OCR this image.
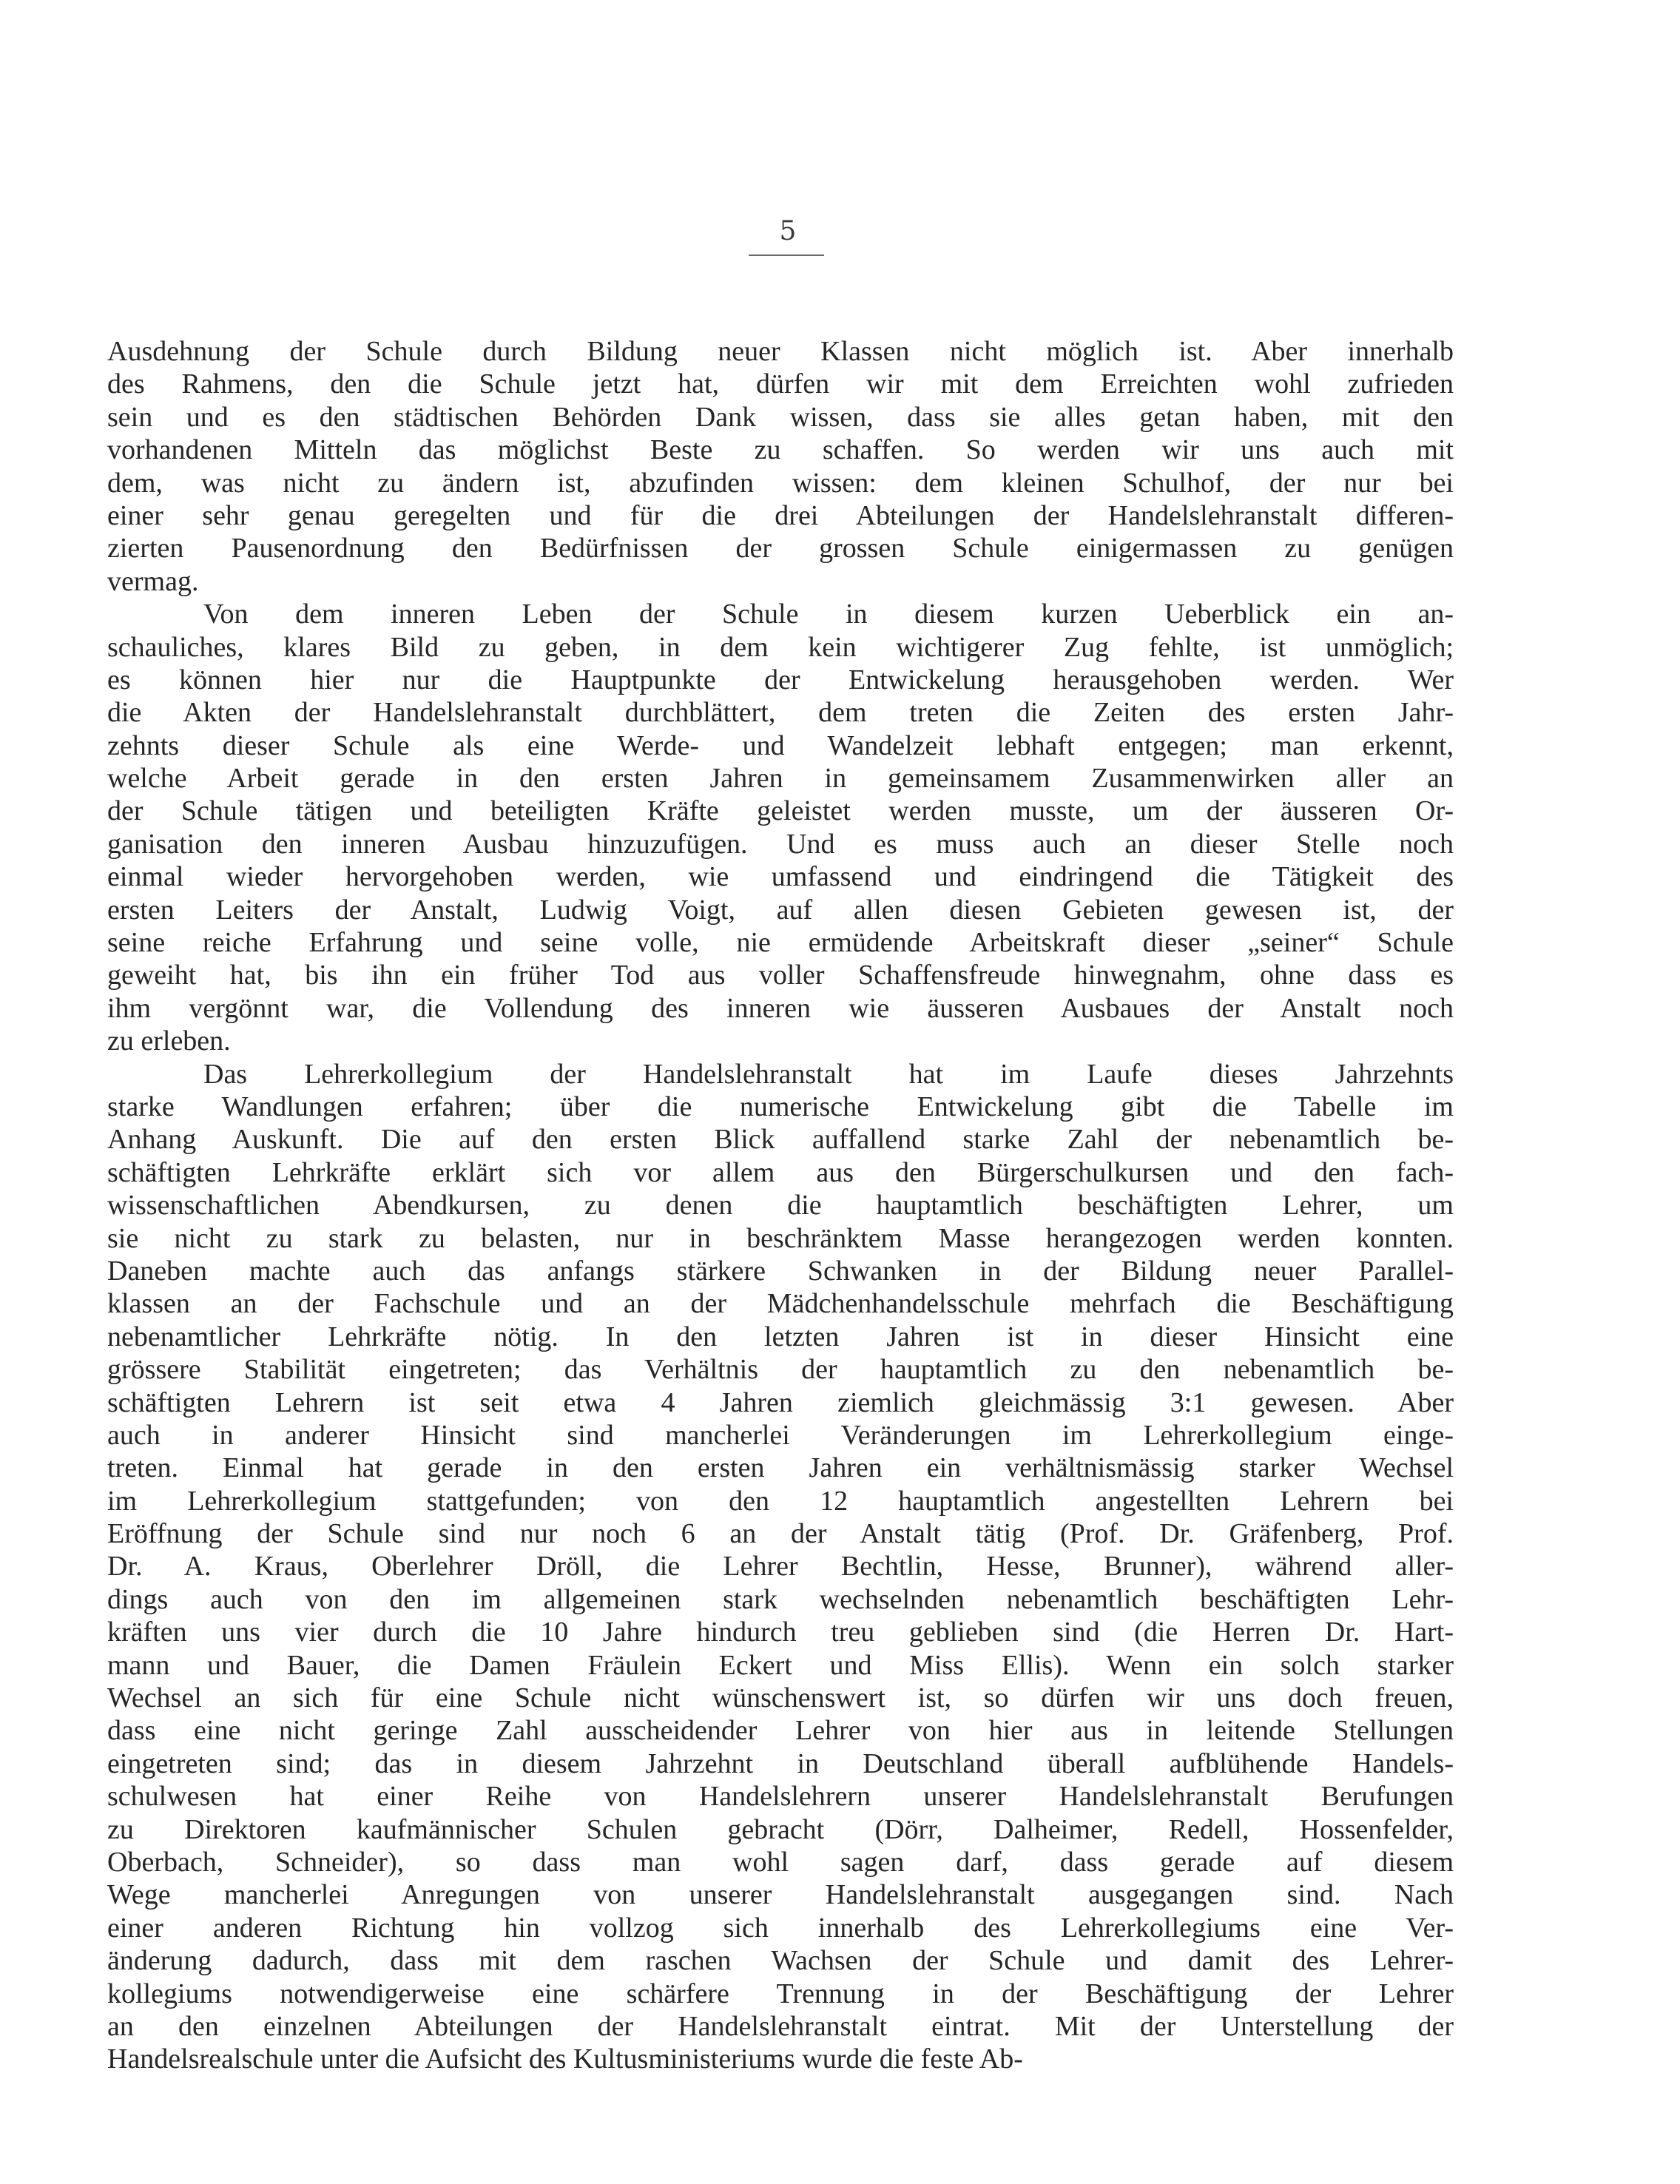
5
Ausdehnung der Schule durch Bildung neuer Klassen nicht möglich ist. Aber innerhalb
des Rahmens, den die Schule jetzt hat, dürfen wir mit dem Erreichten wohl zufrieden
sein und es den städtischen Behörden Dank wissen, dass sie alles getan haben, mit den
vorhandenen Mitteln das möglichst Beste zu schaffen. So werden wir uns auch mit
dem, was nicht zu ändern ist, abzufinden wissen: dem kleinen Schulhof, der nur bei
einer sehr genau geregelten und für die drei Abteilungen der Handelslehranstalt differen-
zierten Pausenordnung den Bedürfnissen der grossen Schule einigermassen zu genügen
vermag.
Von dem inneren Leben der Schule in diesem kurzen Ueberblick ein an-
schauliches, klares Bild zu geben, in dem kein wichtigerer Zug fehlte, ist unmöglich;
es können hier nur die Hauptpunkte der Entwickelung herausgehoben werden. Wer
die Akten der Handelslehranstalt durchblättert, dem treten die Zeiten des ersten Jahr-
zehnts dieser Schule als eine Werde- und Wandelzeit lebhaft entgegen; man erkennt,
welche Arbeit gerade in den ersten Jahren in gemeinsamem Zusammenwirken aller an
der Schule tätigen und beteiligten Kräfte geleistet werden musste, um der äusseren Or-
ganisation den inneren Ausbau hinzuzufügen. Und es muss auch an dieser Stelle noch
einmal wieder hervorgehoben werden, wie umfassend und eindringend die Tätigkeit des
ersten Leiters der Anstalt, Ludwig Voigt, auf allen diesen Gebieten gewesen ist, der
seine reiche Erfahrung und seine volle, nie ermüdende Arbeitskraft dieser „seiner“ Schule
geweiht hat, bis ihn ein früher Tod aus voller Schaffensfreude hinwegnahm, ohne dass es
ihm vergönnt war, die Vollendung des inneren wie äusseren Ausbaues der Anstalt noch
zu erleben.
Das Lehrerkollegium der Handelslehranstalt hat im Laufe dieses Jahrzehnts
starke Wandlungen erfahren; über die numerische Entwickelung gibt die Tabelle im
Anhang Auskunft. Die auf den ersten Blick auffallend starke Zahl der nebenamtlich be-
schäftigten Lehrkräfte erklärt sich vor allem aus den Bürgerschulkursen und den fach-
wissenschaftlichen Abendkursen, zu denen die hauptamtlich beschäftigten Lehrer, um
sie nicht zu stark zu belasten, nur in beschränktem Masse herangezogen werden konnten.
Daneben machte auch das anfangs stärkere Schwanken in der Bildung neuer Parallel-
klassen an der Fachschule und an der Mädchenhandelsschule mehrfach die Beschäftigung
nebenamtlicher Lehrkräfte nötig. In den letzten Jahren ist in dieser Hinsicht eine
grössere Stabilität eingetreten; das Verhältnis der hauptamtlich zu den nebenamtlich be-
schäftigten Lehrern ist seit etwa 4 Jahren ziemlich gleichmässig 3:1 gewesen. Aber
auch in anderer Hinsicht sind mancherlei Veränderungen im Lehrerkollegium einge-
treten. Einmal hat gerade in den ersten Jahren ein verhältnismässig starker Wechsel
im Lehrerkollegium stattgefunden; von den 12 hauptamtlich angestellten Lehrern bei
Eröffnung der Schule sind nur noch 6 an der Anstalt tätig (Prof. Dr. Gräfenberg, Prof.
Dr. A. Kraus, Oberlehrer Dröll, die Lehrer Bechtlin, Hesse, Brunner), während aller-
dings auch von den im allgemeinen stark wechselnden nebenamtlich beschäftigten Lehr-
kräften uns vier durch die 10 Jahre hindurch treu geblieben sind (die Herren Dr. Hart-
mann und Bauer, die Damen Fräulein Eckert und Miss Ellis). Wenn ein solch starker
Wechsel an sich für eine Schule nicht wünschenswert ist, so dürfen wir uns doch freuen,
dass eine nicht geringe Zahl ausscheidender Lehrer von hier aus in leitende Stellungen
eingetreten sind; das in diesem Jahrzehnt in Deutschland überall aufblühende Handels-
schulwesen hat einer Reihe von Handelslehrern unserer Handelslehranstalt Berufungen
zu Direktoren kaufmännischer Schulen gebracht (Dörr, Dalheimer, Redell, Hossenfelder,
Oberbach, Schneider), so dass man wohl sagen darf, dass gerade auf diesem
Wege mancherlei Anregungen von unserer Handelslehranstalt ausgegangen sind. Nach
einer anderen Richtung hin vollzog sich innerhalb des Lehrerkollegiums eine Ver-
änderung dadurch, dass mit dem raschen Wachsen der Schule und damit des Lehrer-
kollegiums notwendigerweise eine schärfere Trennung in der Beschäftigung der Lehrer
an den einzelnen Abteilungen der Handelslehranstalt eintrat. Mit der Unterstellung der
Handelsrealschule unter die Aufsicht des Kultusministeriums wurde die feste Ab-
